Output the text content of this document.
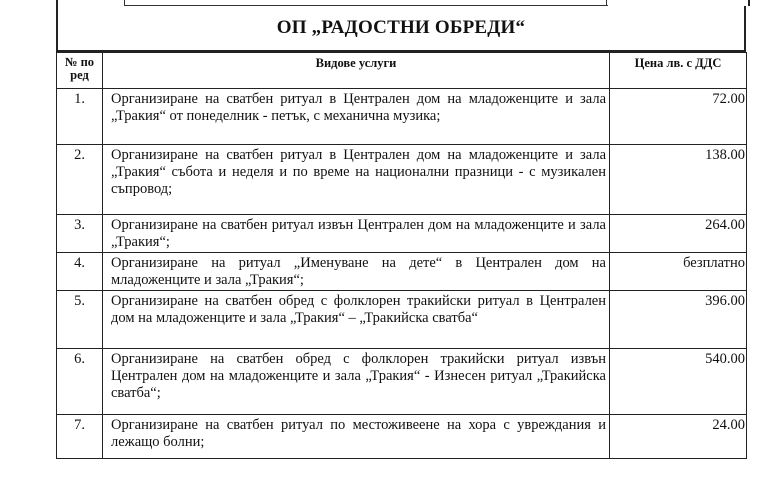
ОП „РАДОСТНИ ОБРЕДИ“
№ по ред	Видове услуги	Цена лв. с ДДС
1.	Организиране на сватбен ритуал в Централен дом на младоженците и зала „Тракия“ от понеделник - петък, с механична музика;	72.00
2.	Организиране на сватбен ритуал в Централен дом на младоженците и зала „Тракия“ събота и неделя и по време на национални празници - с музикален съпровод;	138.00
3.	Организиране на сватбен ритуал извън Централен дом на младоженците и зала „Тракия“;	264.00
4.	Организиране на ритуал „Именуване на дете“ в Централен дом на младоженците и зала „Тракия“;	безплатно
5.	Организиране на сватбен обред с фолклорен тракийски ритуал в Централен дом на младоженците и зала „Тракия“ – „Тракийска сватба“	396.00
6.	Организиране на сватбен обред с фолклорен тракийски ритуал извън Централен дом на младоженците и зала „Тракия“ - Изнесен ритуал „Тракийска сватба“;	540.00
7.	Организиране на сватбен ритуал по местоживеене на хора с увреждания и лежащо болни;	24.00
